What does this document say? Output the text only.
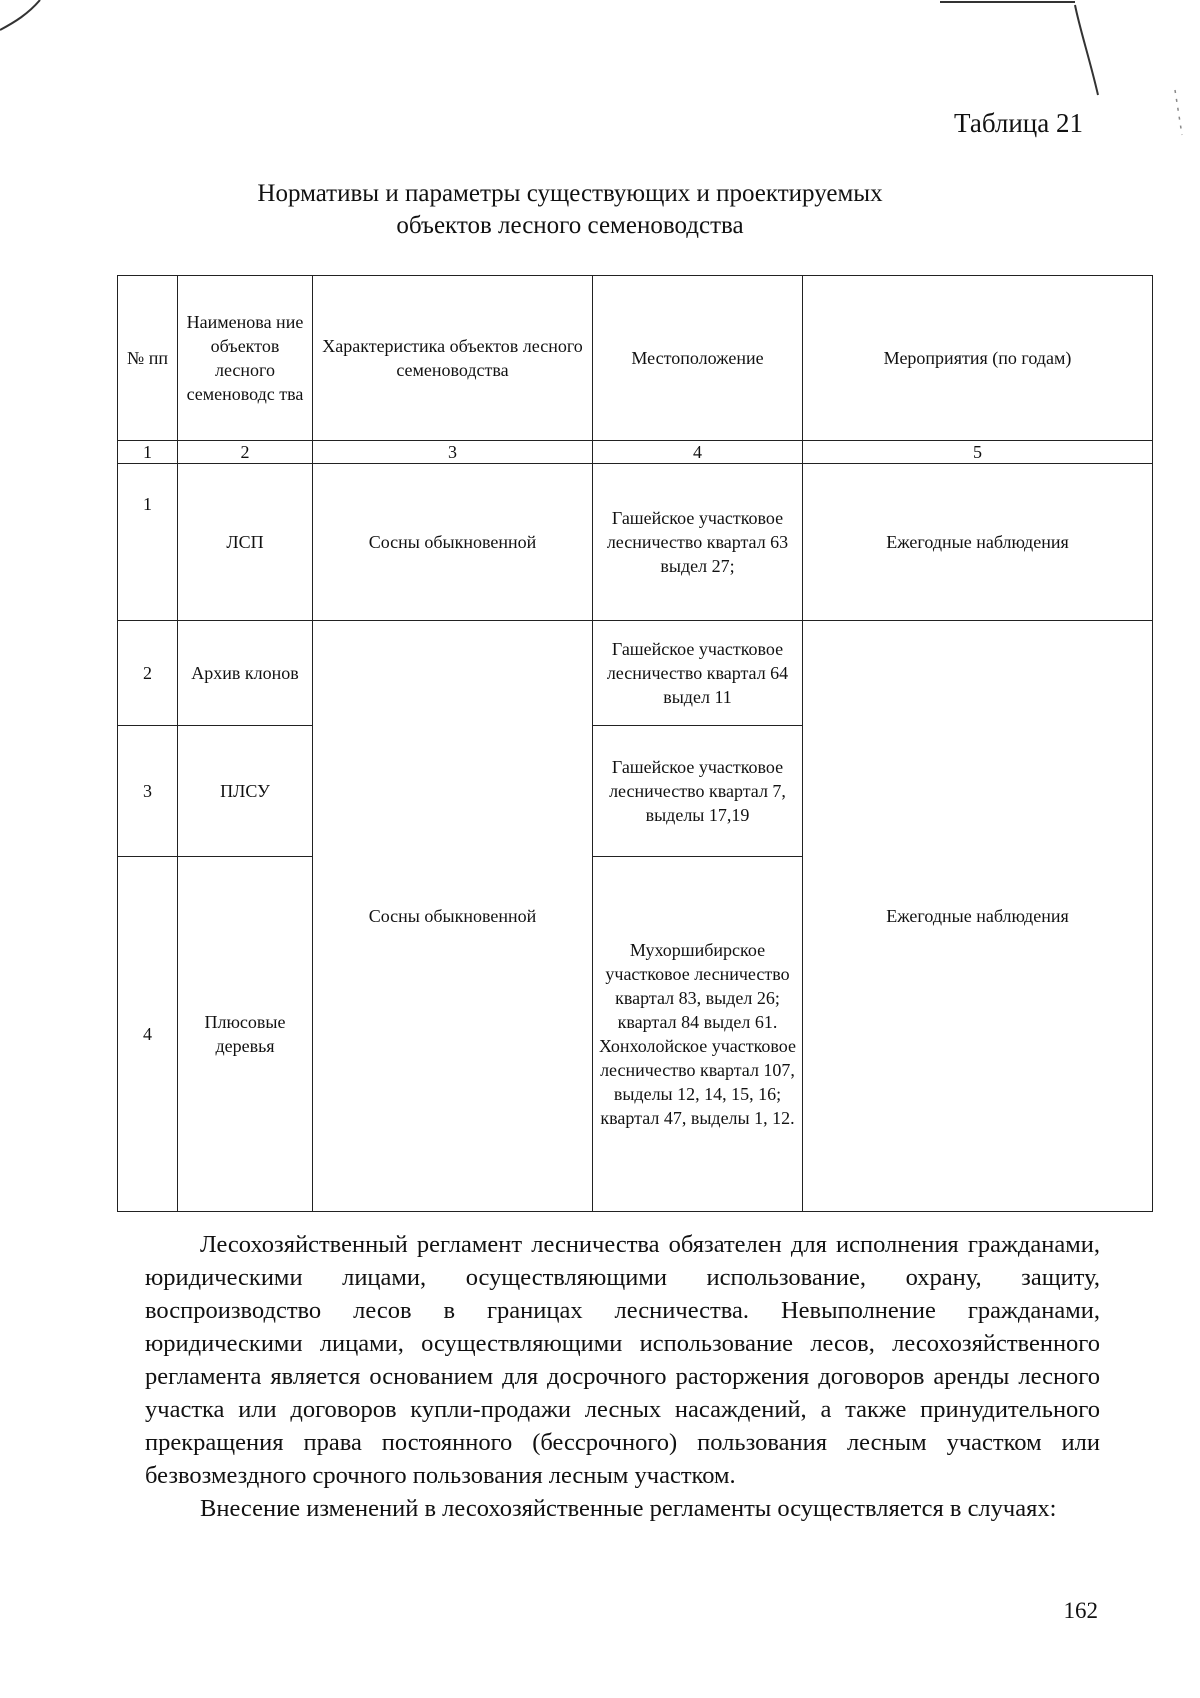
Таблица 21
Нормативы и параметры существующих и проектируемых
объектов лесного семеноводства
№ пп	Наименова ние объектов лесного семеноводс тва	Характеристика объектов лесного семеноводства	Местоположение	Мероприятия (по годам)
1	2	3	4	5
1	ЛСП	Сосны обыкновенной	Гашейское участковое лесничество квартал 63 выдел 27;	Ежегодные наблюдения
2	Архив клонов	Сосны обыкновенной	Гашейское участковое лесничество квартал 64 выдел 11	Ежегодные наблюдения
3	ПЛСУ		Гашейское участковое лесничество квартал 7, выделы 17,19	
4	Плюсовые деревья		Мухоршибирское участковое лесничество квартал 83, выдел 26; квартал 84 выдел 61. Хонхолойское участковое лесничество квартал 107, выделы 12, 14, 15, 16; квартал 47, выделы 1, 12.	

Лесохозяйственный регламент лесничества обязателен для исполнения гражданами, юридическими лицами, осуществляющими использование, охрану, защиту, воспроизводство лесов в границах лесничества. Невыполнение гражданами, юридическими лицами, осуществляющими использование лесов, лесохозяйственного регламента является основанием для досрочного расторжения договоров аренды лесного участка или договоров купли-продажи лесных насаждений, а также принудительного прекращения права постоянного (бессрочного) пользования лесным участком или безвозмездного срочного пользования лесным участком.

Внесение изменений в лесохозяйственные регламенты осуществляется в случаях:

162
